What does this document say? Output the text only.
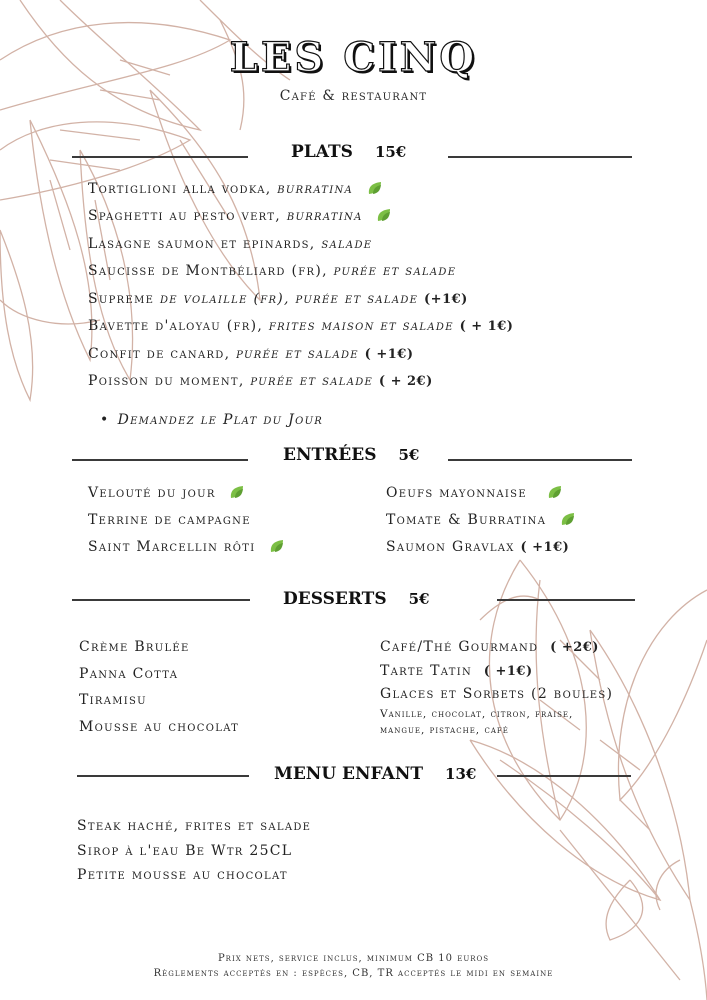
LES CINQ
Café & restaurant
PLATS 15€
Tortiglioni alla vodka, burratina
Spaghetti au pesto vert, burratina
Lasagne saumon et epinards, salade
Saucisse de Montbéliard (fr), purée et salade
Supreme de volaille (fr), purée et salade (+1€)
Bavette d'aloyau (fr), frites maison et salade ( + 1€)
Confit de canard, purée et salade ( +1€)
Poisson du moment, purée et salade ( + 2€)
• Demandez le Plat du Jour
ENTRÉES 5€
Velouté du jour
Terrine de campagne
Saint Marcellin rôti
Oeufs mayonnaise
Tomate & Burratina
Saumon Gravlax ( +1€)
DESSERTS 5€
Crème Brulée
Panna Cotta
Tiramisu
Mousse au chocolat
Café/Thé Gourmand ( +2€)
Tarte Tatin ( +1€)
Glaces et Sorbets (2 boules)
Vanille, chocolat, citron, fraise,
mangue, pistache, café
MENU ENFANT 13€
Steak haché, frites et salade
Sirop à l'eau Be Wtr 25CL
Petite mousse au chocolat
Prix nets, service inclus, minimum CB 10 euros
Règlements acceptés en : espèces, CB, TR acceptés le midi en semaine
